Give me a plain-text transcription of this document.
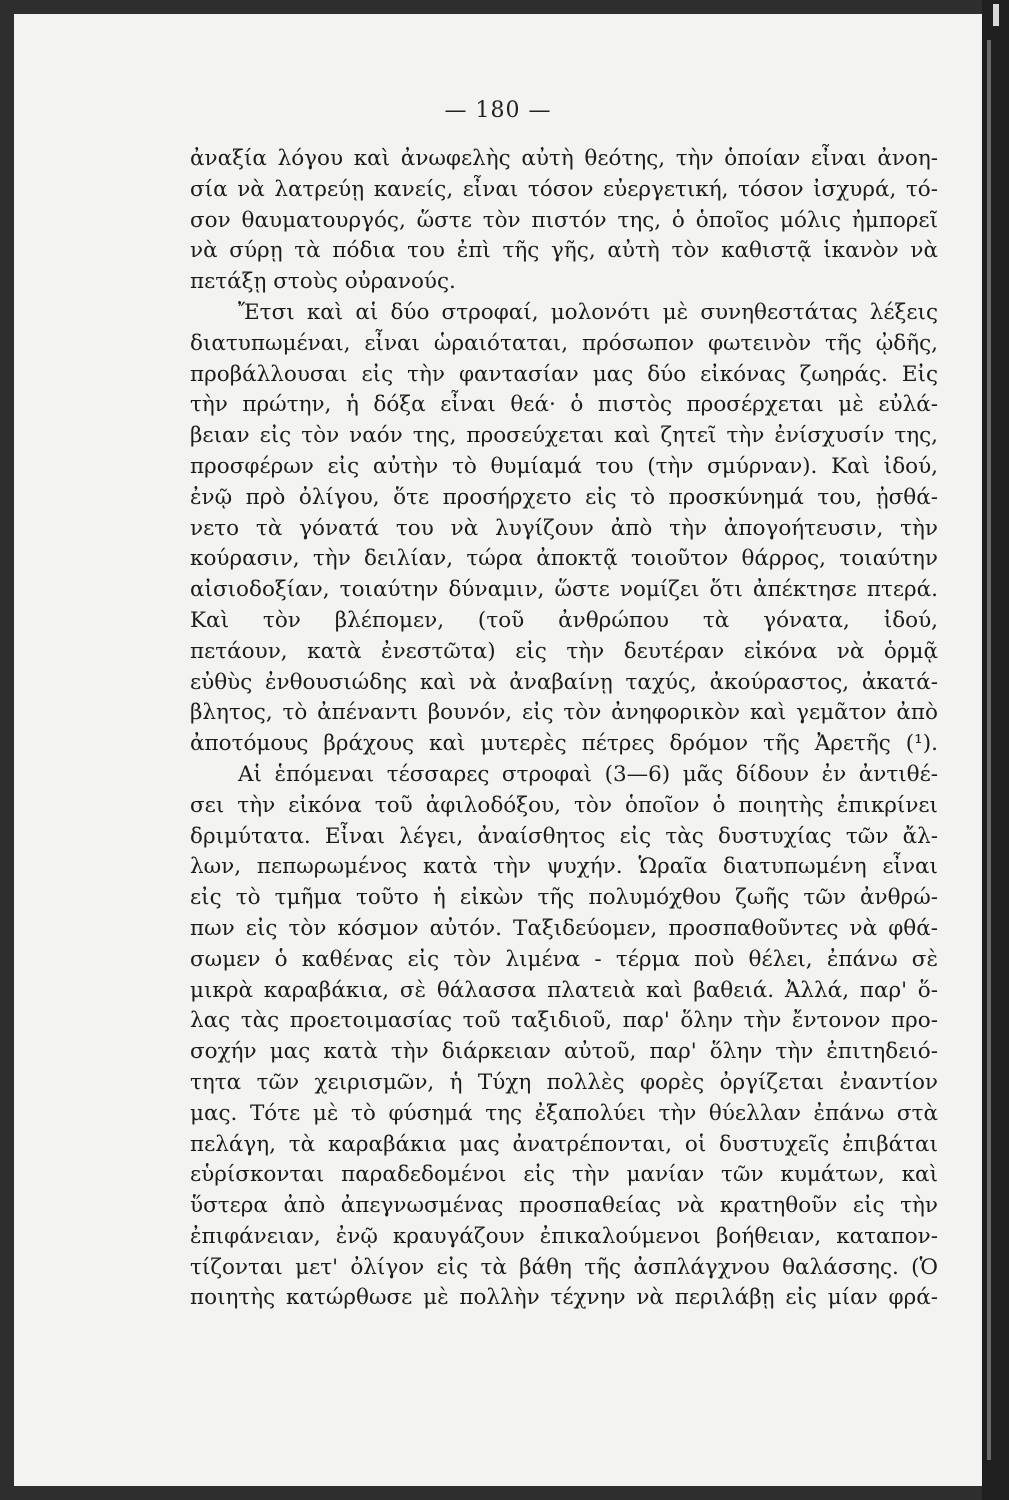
— 180 —
ἀναξία λόγου καὶ ἀνωφελὴς αὐτὴ θεότης, τὴν ὁποίαν εἶναι ἀνοη-
σία νὰ λατρεύῃ κανείς, εἶναι τόσον εὐεργετική, τόσον ἰσχυρά, τό-
σον θαυματουργός, ὥστε τὸν πιστόν της, ὁ ὁποῖος μόλις ἠμπορεῖ
νὰ σύρῃ τὰ πόδια του ἐπὶ τῆς γῆς, αὐτὴ τὸν καθιστᾷ ἱκανὸν νὰ
πετάξῃ στοὺς οὐρανούς.
Ἔτσι καὶ αἱ δύο στροφαί, μολονότι μὲ συνηθεστάτας λέξεις
διατυπωμέναι, εἶναι ὡραιόταται, πρόσωπον φωτεινὸν τῆς ᾠδῆς,
προβάλλουσαι εἰς τὴν φαντασίαν μας δύο εἰκόνας ζωηράς. Εἰς
τὴν πρώτην, ἡ δόξα εἶναι θεά· ὁ πιστὸς προσέρχεται μὲ εὐλά-
βειαν εἰς τὸν ναόν της, προσεύχεται καὶ ζητεῖ τὴν ἐνίσχυσίν της,
προσφέρων εἰς αὐτὴν τὸ θυμίαμά του (τὴν σμύρναν). Καὶ ἰδού,
ἐνῷ πρὸ ὀλίγου, ὅτε προσήρχετο εἰς τὸ προσκύνημά του, ᾐσθά-
νετο τὰ γόνατά του νὰ λυγίζουν ἀπὸ τὴν ἀπογοήτευσιν, τὴν
κούρασιν, τὴν δειλίαν, τώρα ἀποκτᾷ τοιοῦτον θάρρος, τοιαύτην
αἰσιοδοξίαν, τοιαύτην δύναμιν, ὥστε νομίζει ὅτι ἀπέκτησε πτερά.
Καὶ τὸν βλέπομεν, (τοῦ ἀνθρώπου τὰ γόνατα, ἰδού,
πετάουν, κατὰ ἐνεστῶτα) εἰς τὴν δευτέραν εἰκόνα νὰ ὁρμᾷ
εὐθὺς ἐνθουσιώδης καὶ νὰ ἀναβαίνῃ ταχύς, ἀκούραστος, ἀκατά-
βλητος, τὸ ἀπέναντι βουνόν, εἰς τὸν ἀνηφορικὸν καὶ γεμᾶτον ἀπὸ
ἀποτόμους βράχους καὶ μυτερὲς πέτρες δρόμον τῆς Ἀρετῆς (¹).
Αἱ ἑπόμεναι τέσσαρες στροφαὶ (3—6) μᾶς δίδουν ἐν ἀντιθέ-
σει τὴν εἰκόνα τοῦ ἀφιλοδόξου, τὸν ὁποῖον ὁ ποιητὴς ἐπικρίνει
δριμύτατα. Εἶναι λέγει, ἀναίσθητος εἰς τὰς δυστυχίας τῶν ἄλ-
λων, πεπωρωμένος κατὰ τὴν ψυχήν. Ὡραῖα διατυπωμένη εἶναι
εἰς τὸ τμῆμα τοῦτο ἡ εἰκὼν τῆς πολυμόχθου ζωῆς τῶν ἀνθρώ-
πων εἰς τὸν κόσμον αὐτόν. Ταξιδεύομεν, προσπαθοῦντες νὰ φθά-
σωμεν ὁ καθένας εἰς τὸν λιμένα - τέρμα ποὺ θέλει, ἐπάνω σὲ
μικρὰ καραβάκια, σὲ θάλασσα πλατειὰ καὶ βαθειά. Ἀλλά, παρ' ὅ-
λας τὰς προετοιμασίας τοῦ ταξιδιοῦ, παρ' ὅλην τὴν ἔντονον προ-
σοχήν μας κατὰ τὴν διάρκειαν αὐτοῦ, παρ' ὅλην τὴν ἐπιτηδειό-
τητα τῶν χειρισμῶν, ἡ Τύχη πολλὲς φορὲς ὀργίζεται ἐναντίον
μας. Τότε μὲ τὸ φύσημά της ἐξαπολύει τὴν θύελλαν ἐπάνω στὰ
πελάγη, τὰ καραβάκια μας ἀνατρέπονται, οἱ δυστυχεῖς ἐπιβάται
εὑρίσκονται παραδεδομένοι εἰς τὴν μανίαν τῶν κυμάτων, καὶ
ὕστερα ἀπὸ ἀπεγνωσμένας προσπαθείας νὰ κρατηθοῦν εἰς τὴν
ἐπιφάνειαν, ἐνῷ κραυγάζουν ἐπικαλούμενοι βοήθειαν, καταπον-
τίζονται μετ' ὀλίγον εἰς τὰ βάθη τῆς ἀσπλάγχνου θαλάσσης. (Ὁ
ποιητὴς κατώρθωσε μὲ πολλὴν τέχνην νὰ περιλάβῃ εἰς μίαν φρά-
